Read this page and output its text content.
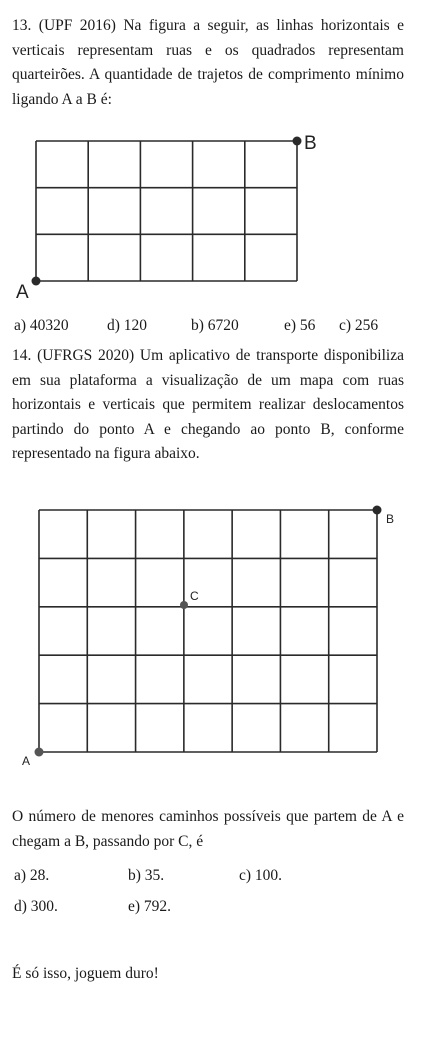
13. (UPF 2016) Na figura a seguir, as linhas horizontais e verticais representam ruas e os quadrados representam quarteirões. A quantidade de trajetos de comprimento mínimo ligando A a B é:
B
A
a) 40320 d) 120	b) 6720	e) 56 c) 256
14. (UFRGS 2020) Um aplicativo de transporte disponibiliza em sua plataforma a visualização de um mapa com ruas horizontais e verticais que permitem realizar deslocamentos partindo do ponto A e chegando ao ponto B, conforme representado na figura abaixo.
B
C
A
O número de menores caminhos possíveis que partem de A e chegam a B, passando por C, é
a) 28.	b) 35.	c) 100.
d) 300.	e) 792.
É só isso, joguem duro!
